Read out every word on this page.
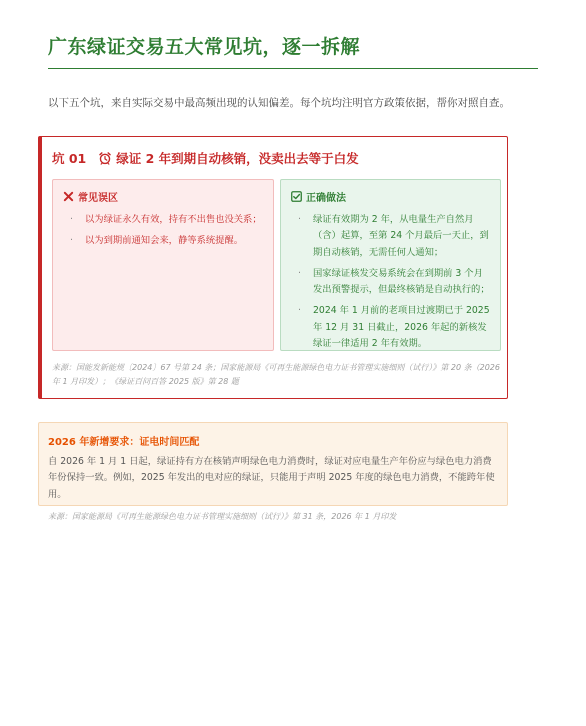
广东绿证交易五大常见坑，逐一拆解
以下五个坑，来自实际交易中最高频出现的认知偏差。每个坑均注明官方政策依据，帮你对照自查。
坑 01 绿证 2 年到期自动核销，没卖出去等于白发
常见误区
· 以为绿证永久有效，持有不出售也没关系；
· 以为到期前通知会来，静等系统提醒。
正确做法
· 绿证有效期为 2 年，从电量生产自然月（含）起算，至第 24 个月最后一天止，到期自动核销，无需任何人通知；
· 国家绿证核发交易系统会在到期前 3 个月发出预警提示，但最终核销是自动执行的；
· 2024 年 1 月前的老项目过渡期已于 2025 年 12 月 31 日截止，2026 年起的新核发绿证一律适用 2 年有效期。
来源：国能发新能规〔2024〕67 号第 24 条；国家能源局《可再生能源绿色电力证书管理实施细则（试行）》第 20 条（2026 年 1 月印发）；《绿证百问百答 2025 版》第 28 题
2026 年新增要求：证电时间匹配
自 2026 年 1 月 1 日起，绿证持有方在核销声明绿色电力消费时，绿证对应电量生产年份应与绿色电力消费年份保持一致。例如，2025 年发出的电对应的绿证，只能用于声明 2025 年度的绿色电力消费，不能跨年使用。
来源：国家能源局《可再生能源绿色电力证书管理实施细则（试行）》第 31 条，2026 年 1 月印发
